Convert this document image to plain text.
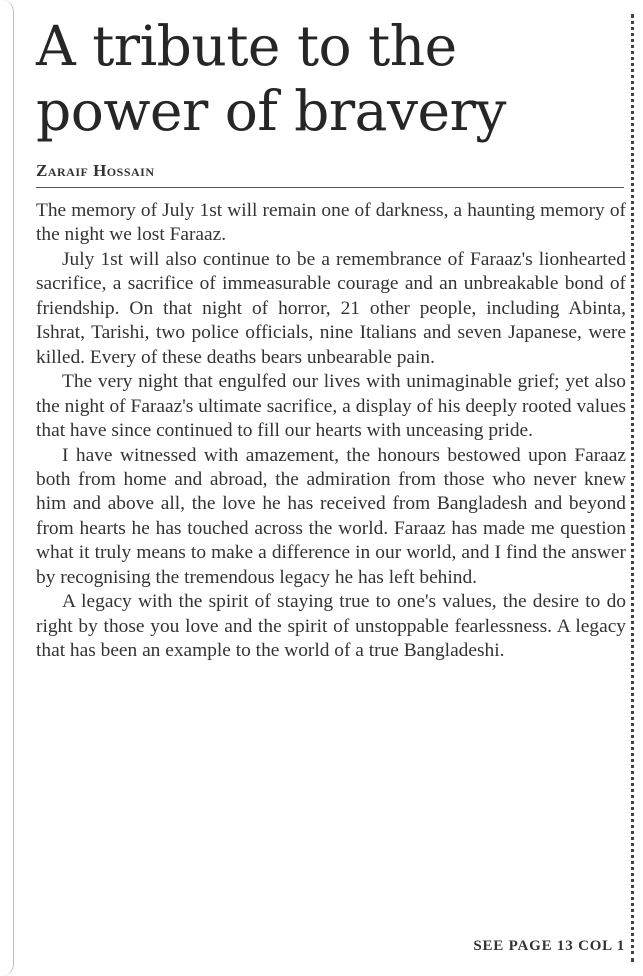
A tribute to the
power of bravery
Zaraif Hossain

The memory of July 1st will remain one of darkness, a haunting memory of the night we lost Faraaz.

July 1st will also continue to be a remembrance of Faraaz's lionhearted sacrifice, a sacrifice of immeasurable courage and an unbreakable bond of friendship. On that night of horror, 21 other people, including Abinta, Ishrat, Tarishi, two police officials, nine Italians and seven Japanese, were killed. Every of these deaths bears unbearable pain.

The very night that engulfed our lives with unimaginable grief; yet also the night of Faraaz's ultimate sacrifice, a display of his deeply rooted values that have since continued to fill our hearts with unceasing pride.

I have witnessed with amazement, the honours bestowed upon Faraaz both from home and abroad, the admiration from those who never knew him and above all, the love he has received from Bangladesh and beyond from hearts he has touched across the world. Faraaz has made me question what it truly means to make a difference in our world, and I find the answer by recognising the tremendous legacy he has left behind.

A legacy with the spirit of staying true to one's values, the desire to do right by those you love and the spirit of unstoppable fearlessness. A legacy that has been an example to the world of a true Bangladeshi.

SEE PAGE 13 COL 1
